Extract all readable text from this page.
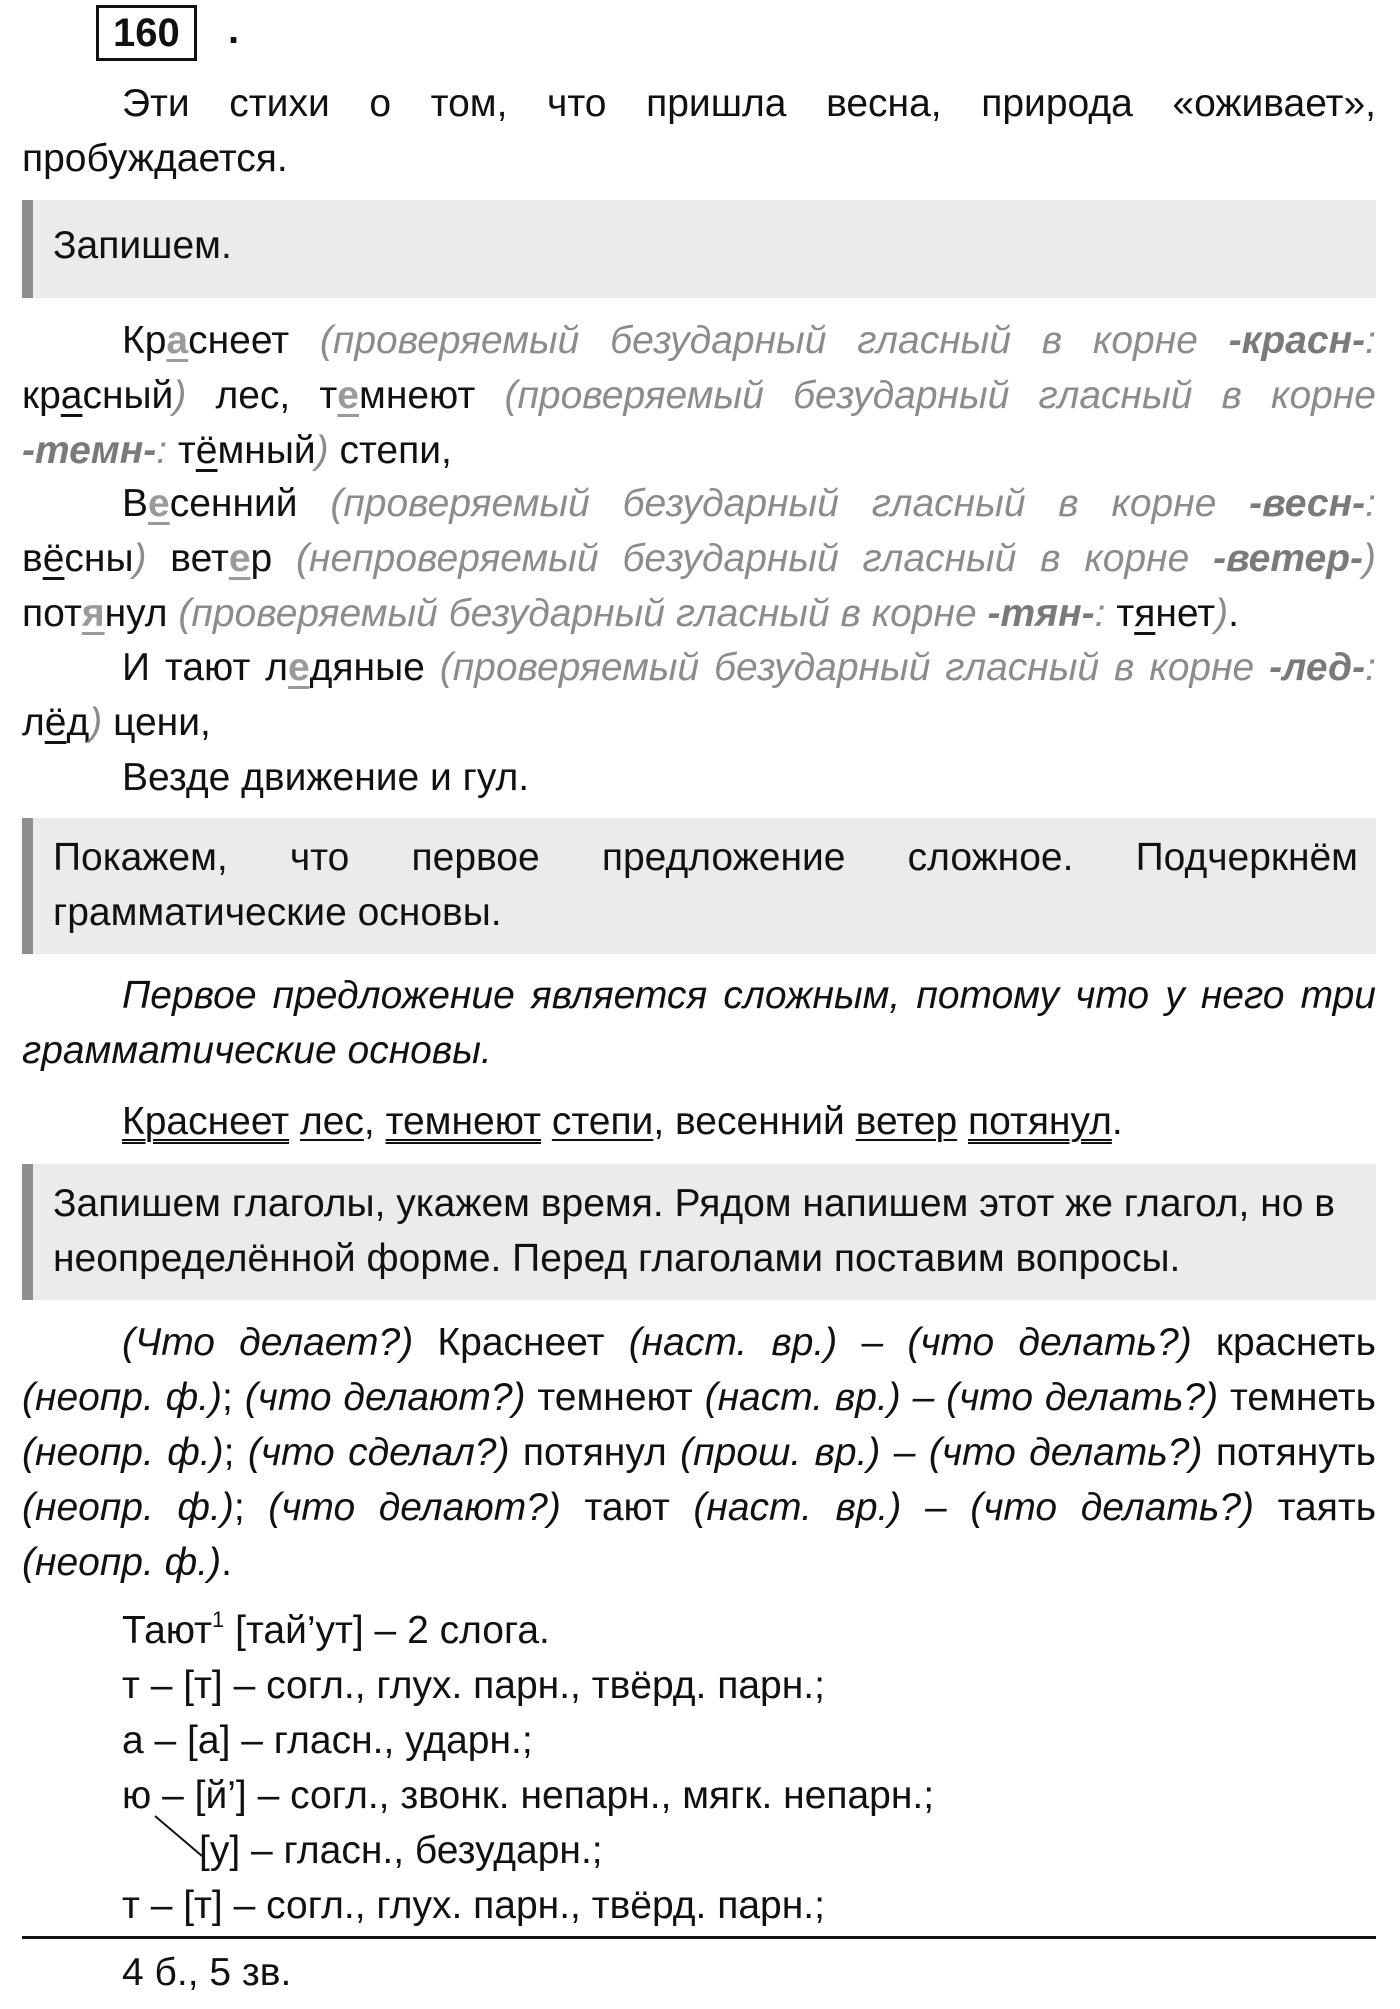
160	.
Эти стихи о том, что пришла весна, природа «оживает», пробуждается.
Запишем.
Краснеет (проверяемый безударный гласный в корне -красн-: красный) лес, темнеют (проверяемый безударный гласный в корне -темн-: тёмный) степи,
Весенний (проверяемый безударный гласный в корне -весн-: вёсны) ветер (непроверяемый безударный гласный в корне -ветер-) потянул (проверяемый безударный гласный в корне -тян-: тянет).
И тают ледяные (проверяемый безударный гласный в корне -лед-: лёд) цени,
Везде движение и гул.
Покажем, что первое предложение сложное. Подчеркнём грамматические основы.
Первое предложение является сложным, потому что у него три грамматические основы.
Краснеет лес, темнеют степи, весенний ветер потянул.
Запишем глаголы, укажем время. Рядом напишем этот же глагол, но в неопределённой форме. Перед глаголами поставим вопросы.
(Что делает?) Краснеет (наст. вр.) – (что делать?) краснеть (неопр. ф.); (что делают?) темнеют (наст. вр.) – (что делать?) темнеть (неопр. ф.); (что сделал?) потянул (прош. вр.) – (что делать?) потянуть (неопр. ф.); (что делают?) тают (наст. вр.) – (что делать?) таять (неопр. ф.).
Тают$^1$ [тай’ут] – 2 слога.
т – [т] – согл., глух. парн., твёрд. парн.;
а – [а] – гласн., ударн.;
ю – [й’] – согл., звонк. непарн., мягк. непарн.;
[у] – гласн., безударн.;
т – [т] – согл., глух. парн., твёрд. парн.;
4 б., 5 зв.
